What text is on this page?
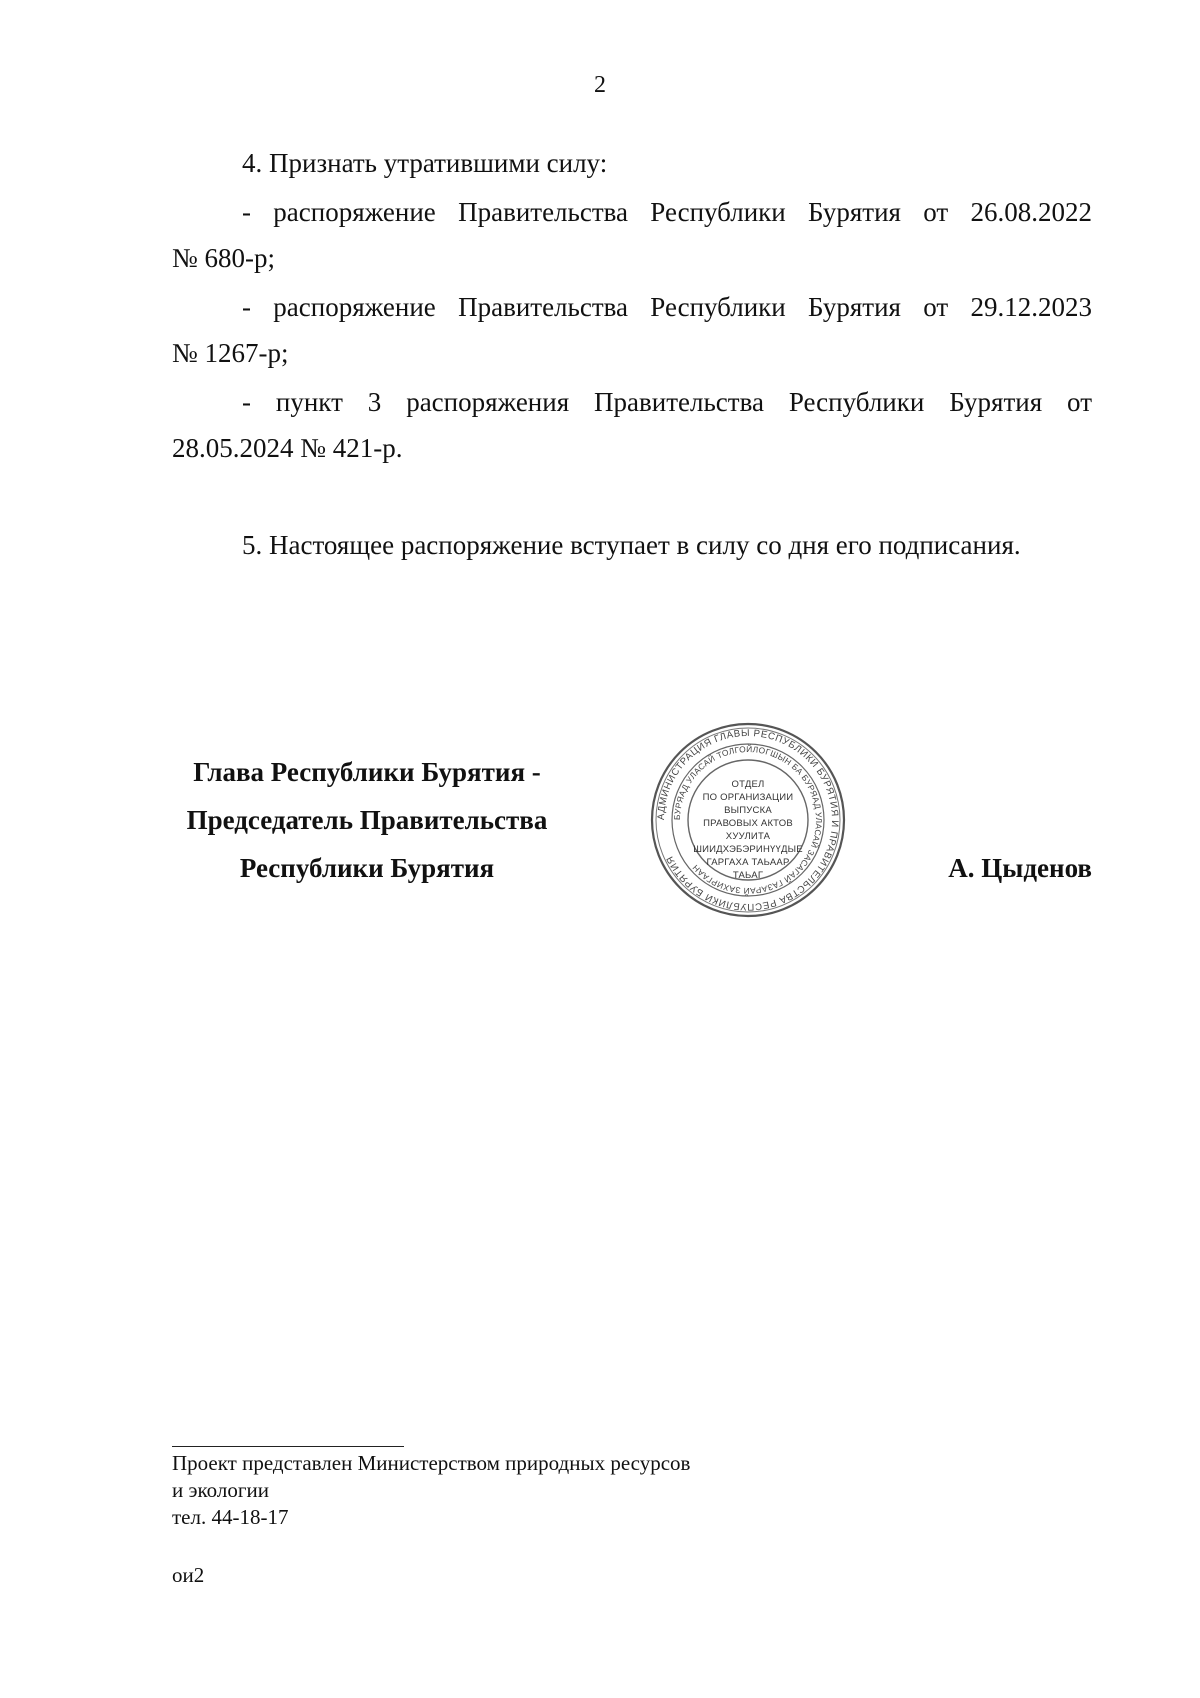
2

4. Признать утратившими силу:

- распоряжение Правительства Республики Бурятия от 26.08.2022
№ 680-р;

- распоряжение Правительства Республики Бурятия от 29.12.2023
№ 1267-р;

- пункт 3 распоряжения Правительства Республики Бурятия от
28.05.2024 № 421-р.

5. Настоящее распоряжение вступает в силу со дня его подписания.

Глава Республики Бурятия -
Председатель Правительства
Республики Бурятия
АДМИНИСТРАЦИЯ ГЛАВЫ РЕСПУБЛИКИ БУРЯТИЯ И ПРАВИТЕЛЬСТВА РЕСПУБЛИКИ БУРЯТИЯ
БУРЯАД УЛАСАЙ ТОЛГОЙЛОГШЫН БА БУРЯАД УЛАСАЙ ЗАСАГАЙ ГАЗАРАЙ ЗАХИРГААН
ОТДЕЛ
ПО ОРГАНИЗАЦИИ
ВЫПУСКА
ПРАВОВЫХ АКТОВ
ХУУЛИТА
ШИИДХЭБЭРИНҮҮДЫЕ
ГАРГАХА ТАЬААР
ТАЬАГ	А. Цыденов
Проект представлен Министерством природных ресурсов
и экологии
тел. 44-18-17
ои2
